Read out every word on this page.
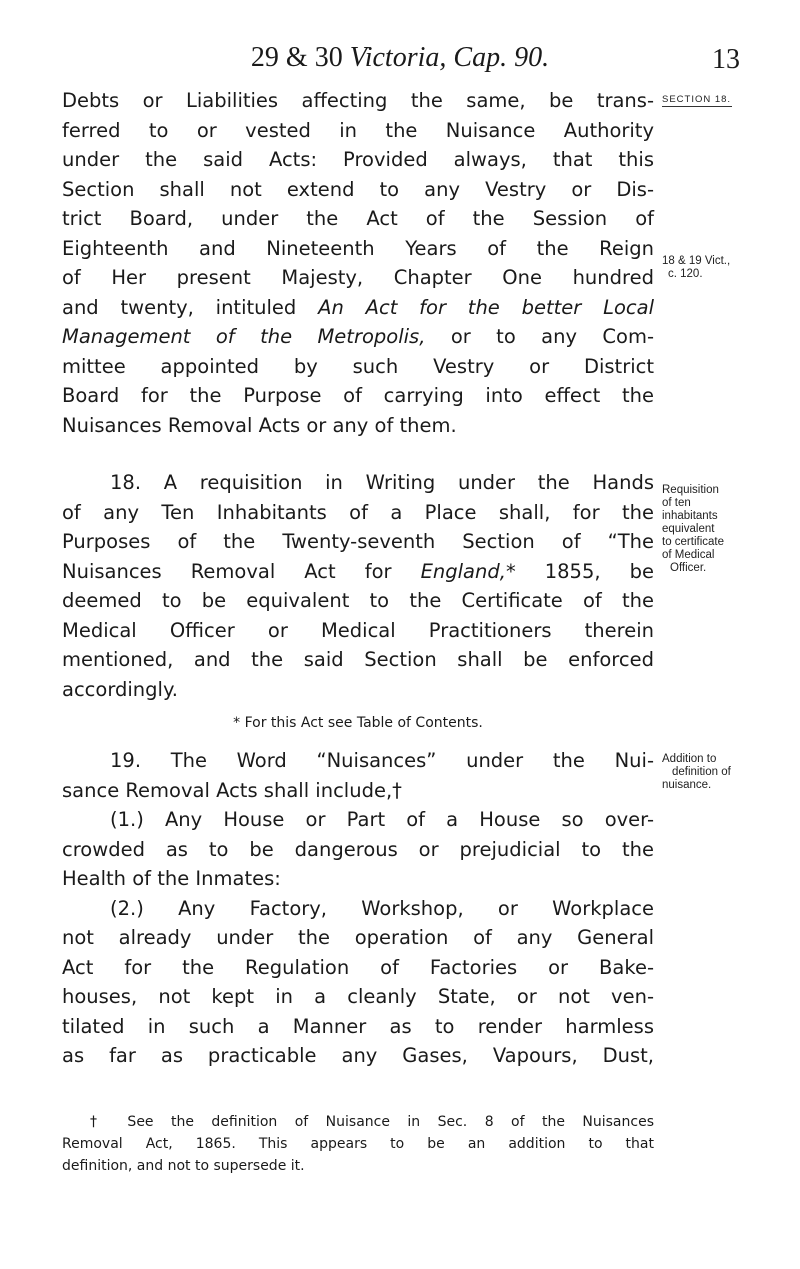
29 & 30 Victoria, Cap. 90.	13

Debts or Liabilities affecting the same, be trans-
ferred to or vested in the Nuisance Authority
under the said Acts: Provided always, that this
Section shall not extend to any Vestry or Dis-
trict Board, under the Act of the Session of
Eighteenth and Nineteenth Years of the Reign
of Her present Majesty, Chapter One hundred
and twenty, intituled An Act for the better Local
Management of the Metropolis, or to any Com-
mittee appointed by such Vestry or District
Board for the Purpose of carrying into effect the
Nuisances Removal Acts or any of them.

18. A requisition in Writing under the Hands
of any Ten Inhabitants of a Place shall, for the
Purposes of the Twenty-seventh Section of “The
Nuisances Removal Act for England,* 1855, be
deemed to be equivalent to the Certificate of the
Medical Officer or Medical Practitioners therein
mentioned, and the said Section shall be enforced
accordingly.

* For this Act see Table of Contents.

19. The Word “Nuisances” under the Nui-
sance Removal Acts shall include,†
(1.) Any House or Part of a House so over-
crowded as to be dangerous or prejudicial to the
Health of the Inmates:
(2.) Any Factory, Workshop, or Workplace
not already under the operation of any General
Act for the Regulation of Factories or Bake-
houses, not kept in a cleanly State, or not ven-
tilated in such a Manner as to render harmless
as far as practicable any Gases, Vapours, Dust,

† See the definition of Nuisance in Sec. 8 of the Nuisances
Removal Act, 1865. This appears to be an addition to that
definition, and not to supersede it.

SECTION 18.
18 & 19 Vict.,
c. 120.
Requisition
of ten
inhabitants
equivalent
to certificate
of Medical
Officer.
Addition to
definition of
nuisance.
